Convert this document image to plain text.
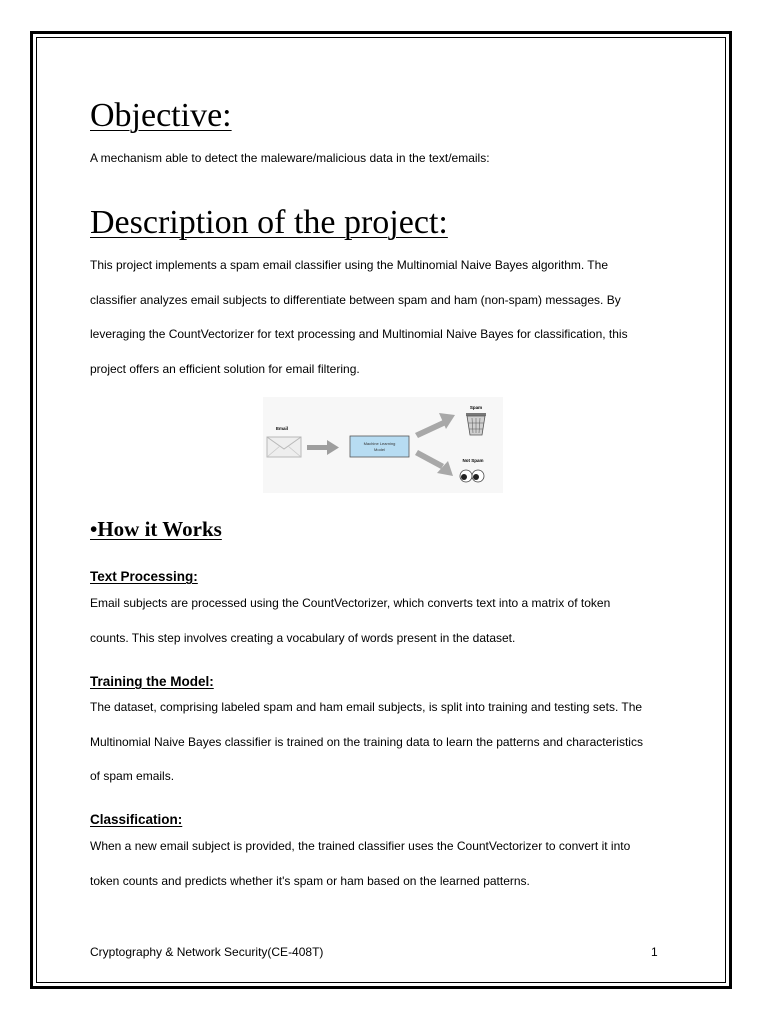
Objective:

A mechanism able to detect the maleware/malicious data in the text/emails:

Description of the project:
This project implements a spam email classifier using the Multinomial Naive Bayes algorithm. The
classifier analyzes email subjects to differentiate between spam and ham (non-spam) messages. By
leveraging the CountVectorizer for text processing and Multinomial Naive Bayes for classification, this
project offers an efficient solution for email filtering.
Email
Machine Learning
Model
Spam
Not Spam
•How it Works
Text Processing:
Email subjects are processed using the CountVectorizer, which converts text into a matrix of token
counts. This step involves creating a vocabulary of words present in the dataset.
Training the Model:
The dataset, comprising labeled spam and ham email subjects, is split into training and testing sets. The
Multinomial Naive Bayes classifier is trained on the training data to learn the patterns and characteristics
of spam emails.
Classification:
When a new email subject is provided, the trained classifier uses the CountVectorizer to convert it into
token counts and predicts whether it's spam or ham based on the learned patterns.

Cryptography & Network Security(CE-408T)	1
